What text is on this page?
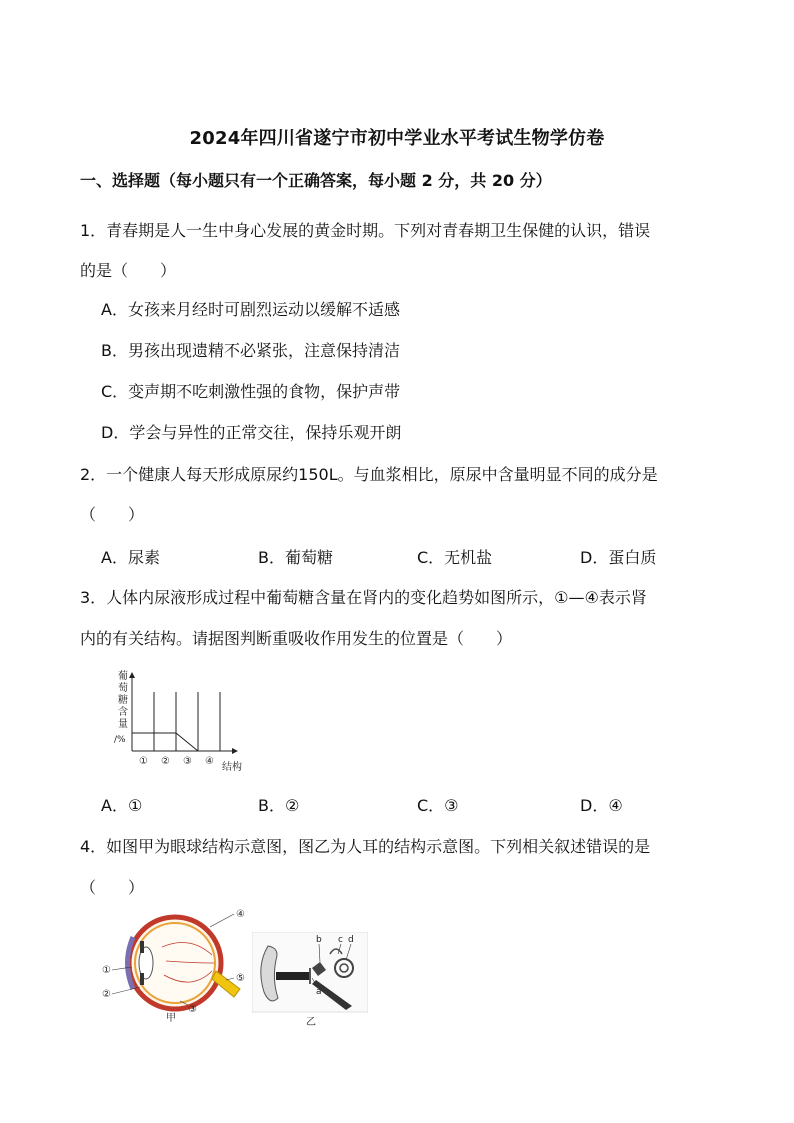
2024年四川省遂宁市初中学业水平考试生物学仿卷
一、选择题（每小题只有一个正确答案，每小题 2 分，共 20 分）
1．青春期是人一生中身心发展的黄金时期。下列对青春期卫生保健的认识，错误
的是（　　）
A．女孩来月经时可剧烈运动以缓解不适感
B．男孩出现遗精不必紧张，注意保持清洁
C．变声期不吃刺激性强的食物，保护声带
D．学会与异性的正常交往，保持乐观开朗
2．一个健康人每天形成原尿约150L。与血浆相比，原尿中含量明显不同的成分是
（　　）
A．尿素	B．葡萄糖	C．无机盐	D．蛋白质
3．人体内尿液形成过程中葡萄糖含量在肾内的变化趋势如图所示，①—④表示肾
内的有关结构。请据图判断重吸收作用发生的位置是（　　）
葡
萄
糖
含
量
/%
① ② ③ ④
结构
A．①	B．②	C．③	D．④
4．如图甲为眼球结构示意图，图乙为人耳的结构示意图。下列相关叙述错误的是
（　　）
①
②
③
④
⑤
甲
b c d
a
乙
